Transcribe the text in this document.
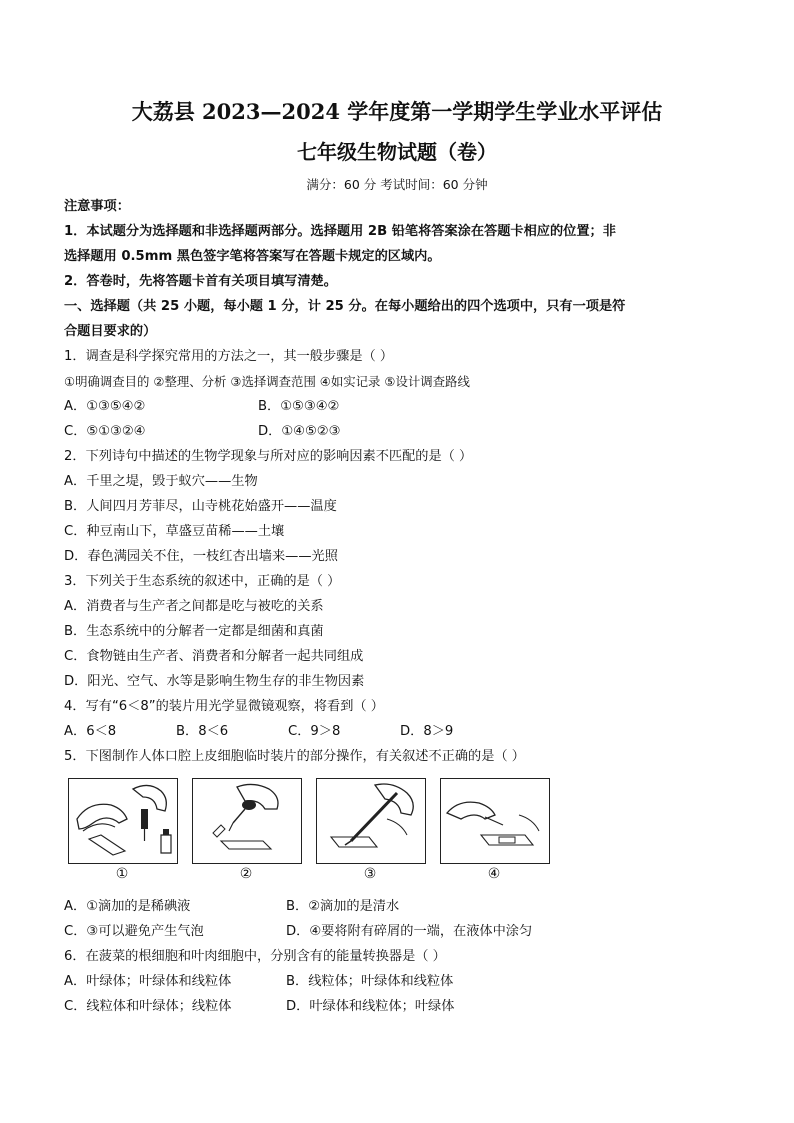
大荔县 2023—2024 学年度第一学期学生学业水平评估
七年级生物试题（卷）
满分：60 分 考试时间：60 分钟
注意事项：
1．本试题分为选择题和非选择题两部分。选择题用 2B 铅笔将答案涂在答题卡相应的位置；非
选择题用 0.5mm 黑色签字笔将答案写在答题卡规定的区域内。
2．答卷时，先将答题卡首有关项目填写清楚。
一、选择题（共 25 小题，每小题 1 分，计 25 分。在每小题给出的四个选项中，只有一项是符
合题目要求的）
1．调查是科学探究常用的方法之一，其一般步骤是（ ）
①明确调查目的 ②整理、分析 ③选择调查范围 ④如实记录 ⑤设计调查路线
A．①③⑤④②	B．①⑤③④②
C．⑤①③②④	D．①④⑤②③
2．下列诗句中描述的生物学现象与所对应的影响因素不匹配的是（ ）
A．千里之堤，毁于蚁穴——生物
B．人间四月芳菲尽，山寺桃花始盛开——温度
C．种豆南山下，草盛豆苗稀——土壤
D．春色满园关不住，一枝红杏出墙来——光照
3．下列关于生态系统的叙述中，正确的是（ ）
A．消费者与生产者之间都是吃与被吃的关系
B．生态系统中的分解者一定都是细菌和真菌
C．食物链由生产者、消费者和分解者一起共同组成
D．阳光、空气、水等是影响生物生存的非生物因素
4．写有“6＜8”的装片用光学显微镜观察，将看到（ ）
A．6＜8	B．8＜6	C．9＞8	D．8＞9
5．下图制作人体口腔上皮细胞临时装片的部分操作，有关叙述不正确的是（ ）
①	②	③	④
A．①滴加的是稀碘液	B．②滴加的是清水
C．③可以避免产生气泡	D．④要将附有碎屑的一端，在液体中涂匀
6．在菠菜的根细胞和叶肉细胞中，分别含有的能量转换器是（ ）
A．叶绿体；叶绿体和线粒体	B．线粒体；叶绿体和线粒体
C．线粒体和叶绿体；线粒体	D．叶绿体和线粒体；叶绿体
